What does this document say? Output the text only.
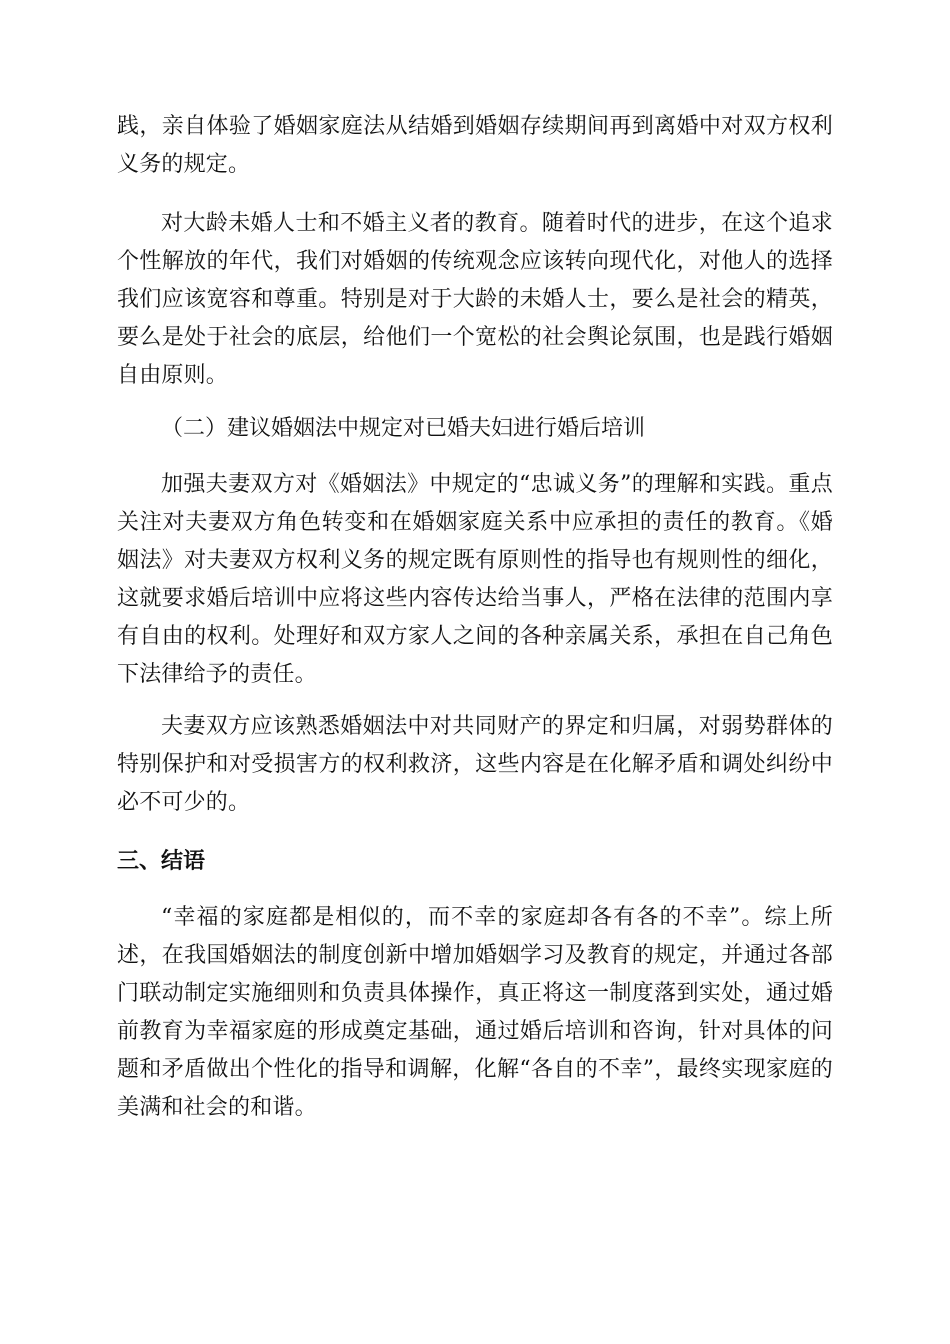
践，亲自体验了婚姻家庭法从结婚到婚姻存续期间再到离婚中对双方权利义务的规定。

对大龄未婚人士和不婚主义者的教育。随着时代的进步，在这个追求个性解放的年代，我们对婚姻的传统观念应该转向现代化，对他人的选择我们应该宽容和尊重。特别是对于大龄的未婚人士，要么是社会的精英，要么是处于社会的底层，给他们一个宽松的社会舆论氛围，也是践行婚姻自由原则。

（二）建议婚姻法中规定对已婚夫妇进行婚后培训

加强夫妻双方对《婚姻法》中规定的“忠诚义务”的理解和实践。重点关注对夫妻双方角色转变和在婚姻家庭关系中应承担的责任的教育。《婚姻法》对夫妻双方权利义务的规定既有原则性的指导也有规则性的细化，这就要求婚后培训中应将这些内容传达给当事人，严格在法律的范围内享有自由的权利。处理好和双方家人之间的各种亲属关系，承担在自己角色下法律给予的责任。

夫妻双方应该熟悉婚姻法中对共同财产的界定和归属，对弱势群体的特别保护和对受损害方的权利救济，这些内容是在化解矛盾和调处纠纷中必不可少的。

三、结语

“幸福的家庭都是相似的，而不幸的家庭却各有各的不幸”。综上所述，在我国婚姻法的制度创新中增加婚姻学习及教育的规定，并通过各部门联动制定实施细则和负责具体操作，真正将这一制度落到实处，通过婚前教育为幸福家庭的形成奠定基础，通过婚后培训和咨询，针对具体的问题和矛盾做出个性化的指导和调解，化解“各自的不幸”，最终实现家庭的美满和社会的和谐。
